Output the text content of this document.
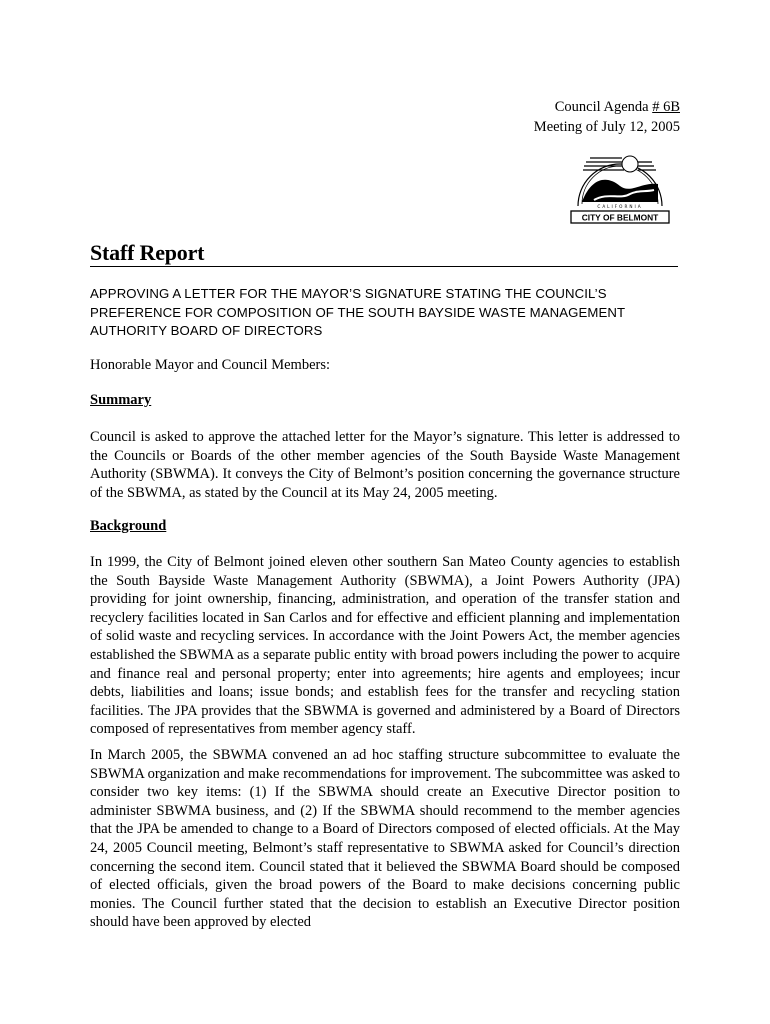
Council Agenda # 6B
Meeting of July 12, 2005
CALIFORNIA
CITY OF BELMONT
Staff Report
APPROVING A LETTER FOR THE MAYOR’S SIGNATURE STATING THE COUNCIL’S PREFERENCE FOR COMPOSITION OF THE SOUTH BAYSIDE WASTE MANAGEMENT AUTHORITY BOARD OF DIRECTORS
Honorable Mayor and Council Members:
Summary
Council is asked to approve the attached letter for the Mayor’s signature. This letter is addressed to the Councils or Boards of the other member agencies of the South Bayside Waste Management Authority (SBWMA). It conveys the City of Belmont’s position concerning the governance structure of the SBWMA, as stated by the Council at its May 24, 2005 meeting.
Background
In 1999, the City of Belmont joined eleven other southern San Mateo County agencies to establish the South Bayside Waste Management Authority (SBWMA), a Joint Powers Authority (JPA) providing for joint ownership, financing, administration, and operation of the transfer station and recyclery facilities located in San Carlos and for effective and efficient planning and implementation of solid waste and recycling services. In accordance with the Joint Powers Act, the member agencies established the SBWMA as a separate public entity with broad powers including the power to acquire and finance real and personal property; enter into agreements; hire agents and employees; incur debts, liabilities and loans; issue bonds; and establish fees for the transfer and recycling station facilities. The JPA provides that the SBWMA is governed and administered by a Board of Directors composed of representatives from member agency staff.
In March 2005, the SBWMA convened an ad hoc staffing structure subcommittee to evaluate the SBWMA organization and make recommendations for improvement. The subcommittee was asked to consider two key items: (1) If the SBWMA should create an Executive Director position to administer SBWMA business, and (2) If the SBWMA should recommend to the member agencies that the JPA be amended to change to a Board of Directors composed of elected officials. At the May 24, 2005 Council meeting, Belmont’s staff representative to SBWMA asked for Council’s direction concerning the second item. Council stated that it believed the SBWMA Board should be composed of elected officials, given the broad powers of the Board to make decisions concerning public monies. The Council further stated that the decision to establish an Executive Director position should have been approved by elected
